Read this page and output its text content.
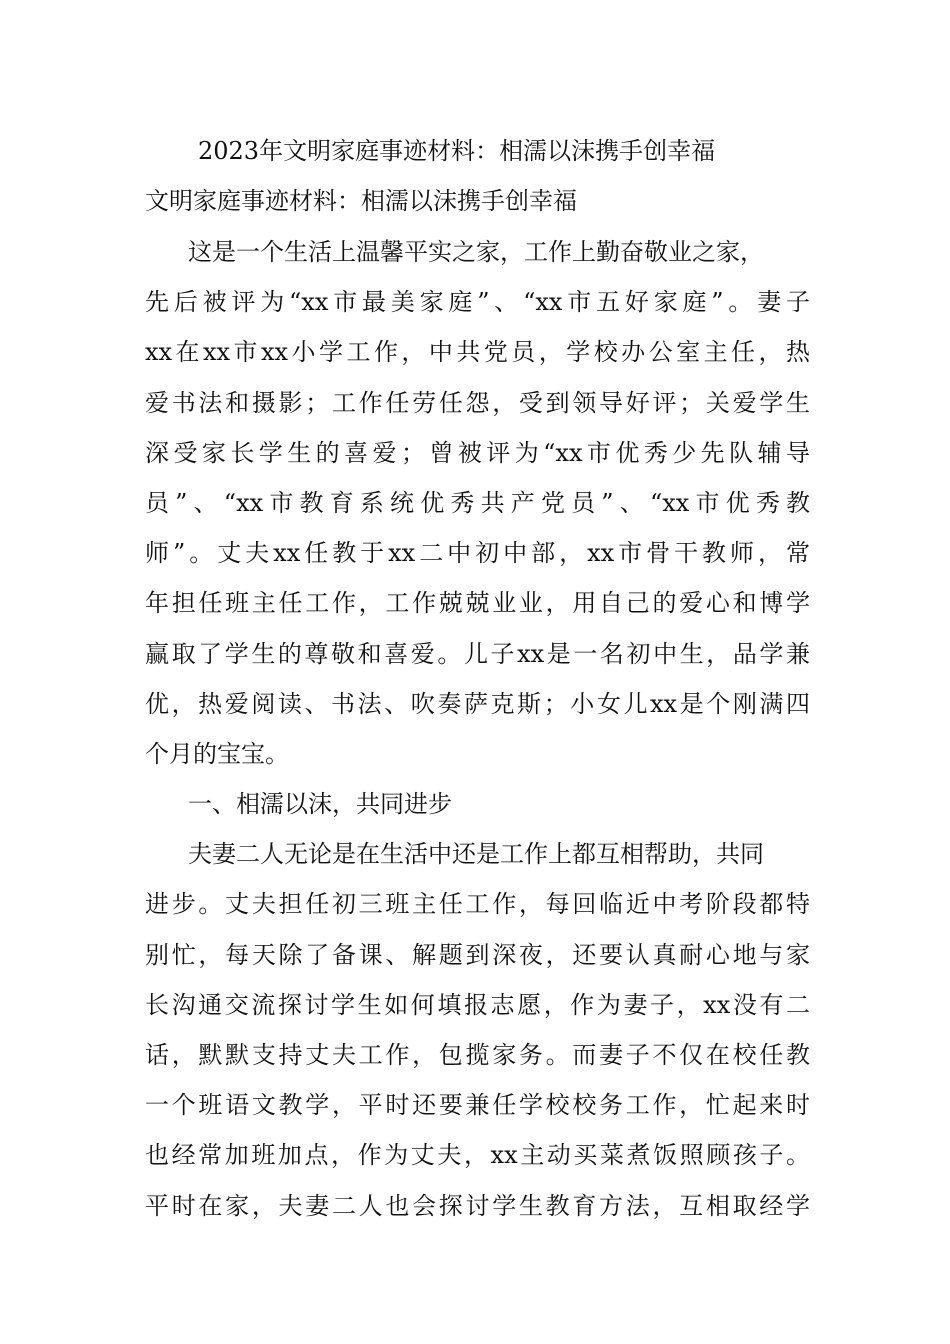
2023年文明家庭事迹材料：相濡以沫携手创幸福
文明家庭事迹材料：相濡以沫携手创幸福
这是一个生活上温馨平实之家，工作上勤奋敬业之家，
先后被评为“xx市最美家庭”、“xx市五好家庭”。妻子
xx在xx市xx小学工作，中共党员，学校办公室主任，热
爱书法和摄影；工作任劳任怨，受到领导好评；关爱学生
深受家长学生的喜爱；曾被评为“xx市优秀少先队辅导
员”、“xx市教育系统优秀共产党员”、“xx市优秀教
师”。丈夫xx任教于xx二中初中部，xx市骨干教师，常
年担任班主任工作，工作兢兢业业，用自己的爱心和博学
赢取了学生的尊敬和喜爱。儿子xx是一名初中生，品学兼
优，热爱阅读、书法、吹奏萨克斯；小女儿xx是个刚满四
个月的宝宝。
一、相濡以沫，共同进步
夫妻二人无论是在生活中还是工作上都互相帮助，共同
进步。丈夫担任初三班主任工作，每回临近中考阶段都特
别忙，每天除了备课、解题到深夜，还要认真耐心地与家
长沟通交流探讨学生如何填报志愿，作为妻子，xx没有二
话，默默支持丈夫工作，包揽家务。而妻子不仅在校任教
一个班语文教学，平时还要兼任学校校务工作，忙起来时
也经常加班加点，作为丈夫，xx主动买菜煮饭照顾孩子。
平时在家，夫妻二人也会探讨学生教育方法，互相取经学
